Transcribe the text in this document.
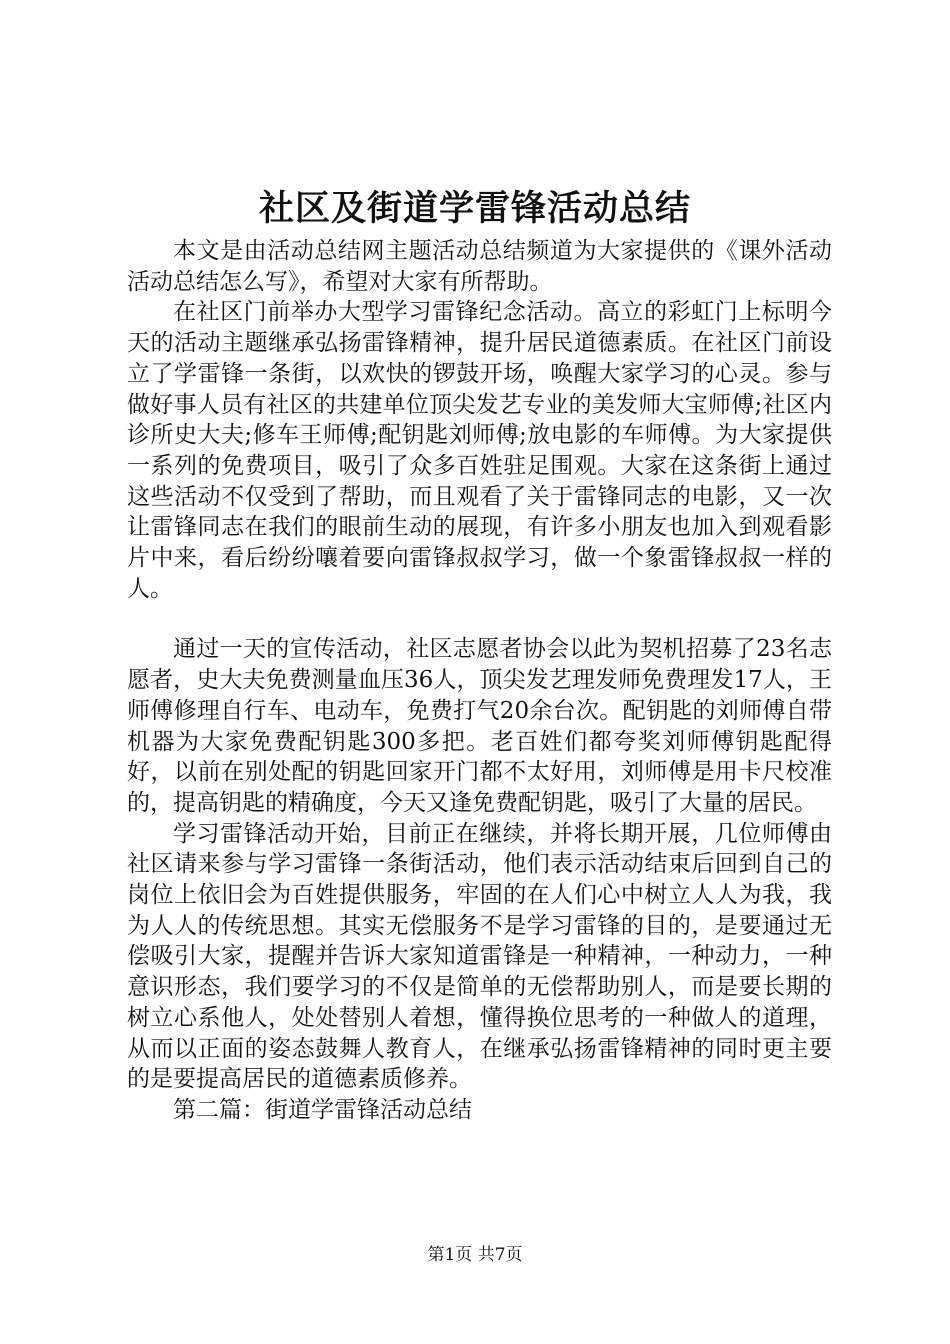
社区及街道学雷锋活动总结

本文是由活动总结网主题活动总结频道为大家提供的《课外活动活动总结怎么写》，希望对大家有所帮助。

在社区门前举办大型学习雷锋纪念活动。高立的彩虹门上标明今天的活动主题继承弘扬雷锋精神，提升居民道德素质。在社区门前设立了学雷锋一条街，以欢快的锣鼓开场，唤醒大家学习的心灵。参与做好事人员有社区的共建单位顶尖发艺专业的美发师大宝师傅;社区内诊所史大夫;修车王师傅;配钥匙刘师傅;放电影的车师傅。为大家提供一系列的免费项目，吸引了众多百姓驻足围观。大家在这条街上通过这些活动不仅受到了帮助，而且观看了关于雷锋同志的电影，又一次让雷锋同志在我们的眼前生动的展现，有许多小朋友也加入到观看影片中来，看后纷纷嚷着要向雷锋叔叔学习，做一个象雷锋叔叔一样的人。

通过一天的宣传活动，社区志愿者协会以此为契机招募了23名志愿者，史大夫免费测量血压36人，顶尖发艺理发师免费理发17人，王师傅修理自行车、电动车，免费打气20余台次。配钥匙的刘师傅自带机器为大家免费配钥匙300多把。老百姓们都夸奖刘师傅钥匙配得好，以前在别处配的钥匙回家开门都不太好用，刘师傅是用卡尺校准的，提高钥匙的精确度，今天又逢免费配钥匙，吸引了大量的居民。

学习雷锋活动开始，目前正在继续，并将长期开展，几位师傅由社区请来参与学习雷锋一条街活动，他们表示活动结束后回到自己的岗位上依旧会为百姓提供服务，牢固的在人们心中树立人人为我，我为人人的传统思想。其实无偿服务不是学习雷锋的目的，是要通过无偿吸引大家，提醒并告诉大家知道雷锋是一种精神，一种动力，一种意识形态，我们要学习的不仅是简单的无偿帮助别人，而是要长期的树立心系他人，处处替别人着想，懂得换位思考的一种做人的道理，从而以正面的姿态鼓舞人教育人，在继承弘扬雷锋精神的同时更主要的是要提高居民的道德素质修养。

第二篇：街道学雷锋活动总结

第1页 共7页
